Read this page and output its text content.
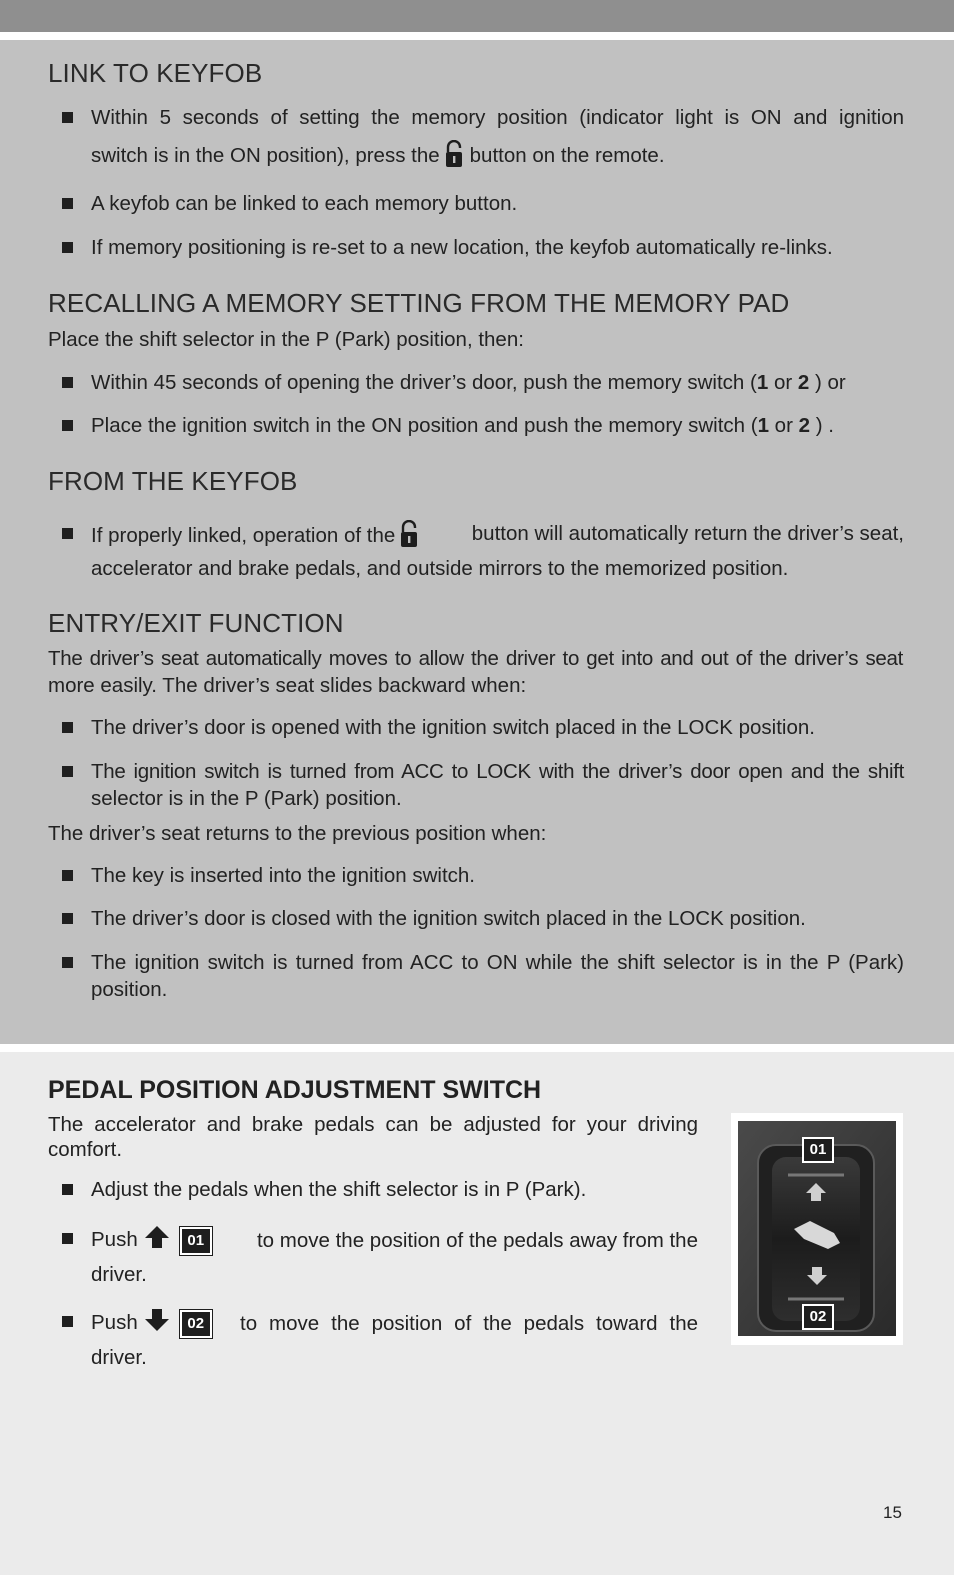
LINK TO KEYFOB
Within 5 seconds of setting the memory position (indicator light is ON and ignition
switch is in the ON position), press the button on the remote.
A keyfob can be linked to each memory button.
If memory positioning is re-set to a new location, the keyfob automatically re-links.
RECALLING A MEMORY SETTING FROM THE MEMORY PAD
Place the shift selector in the P (Park) position, then:
Within 45 seconds of opening the driver’s door, push the memory switch (1 or 2 ) or
Place the ignition switch in the ON position and push the memory switch (1 or 2 ) .
FROM THE KEYFOB
If properly linked, operation of the	button will automatically return the driver’s seat,
accelerator and brake pedals, and outside mirrors to the memorized position.
ENTRY/EXIT FUNCTION
The driver’s seat automatically moves to allow the driver to get into and out of the driver’s seat
more easily. The driver’s seat slides backward when:
The driver’s door is opened with the ignition switch placed in the LOCK position.
The ignition switch is turned from ACC to LOCK with the driver’s door open and the shift
selector is in the P (Park) position.
The driver’s seat returns to the previous position when:
The key is inserted into the ignition switch.
The driver’s door is closed with the ignition switch placed in the LOCK position.
The ignition switch is turned from ACC to ON while the shift selector is in the P (Park)
position.
PEDAL POSITION ADJUSTMENT SWITCH
The accelerator and brake pedals can be adjusted for your driving
comfort.
Adjust the pedals when the shift selector is in P (Park).
Push	01	to move the position of the pedals away from the
driver.
Push	02	to move the position of the pedals toward the
driver.
01
02
15
